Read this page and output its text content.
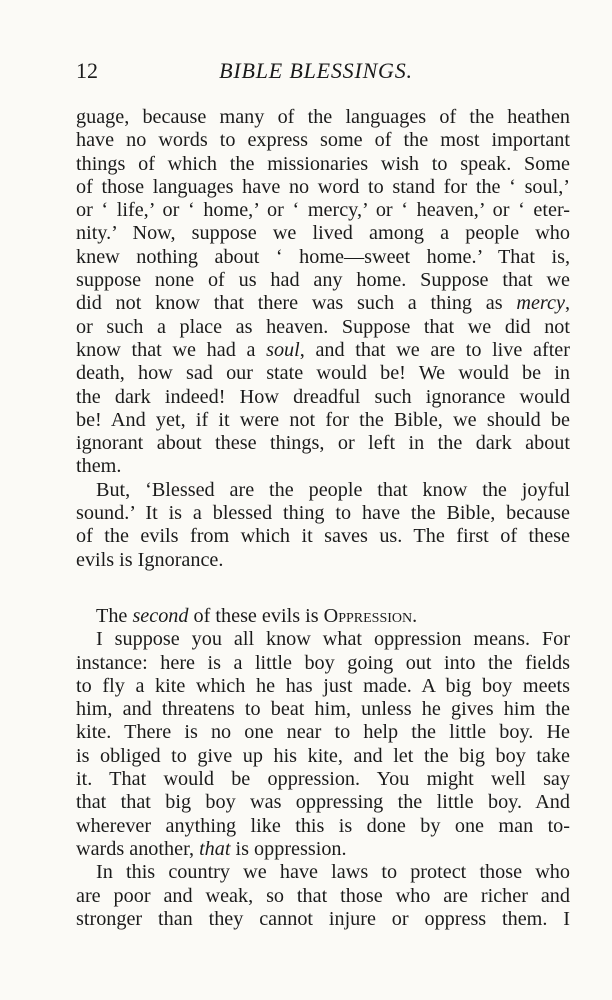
12	BIBLE BLESSINGS.
guage, because many of the languages of the heathen
have no words to express some of the most important
things of which the missionaries wish to speak. Some
of those languages have no word to stand for the ‘ soul,’
or ‘ life,’ or ‘ home,’ or ‘ mercy,’ or ‘ heaven,’ or ‘ eter-
nity.’ Now, suppose we lived among a people who
knew nothing about ‘ home—sweet home.’ That is,
suppose none of us had any home. Suppose that we
did not know that there was such a thing as mercy,
or such a place as heaven. Suppose that we did not
know that we had a soul, and that we are to live after
death, how sad our state would be! We would be in
the dark indeed! How dreadful such ignorance would
be! And yet, if it were not for the Bible, we should be
ignorant about these things, or left in the dark about
them.
But, ‘Blessed are the people that know the joyful
sound.’ It is a blessed thing to have the Bible, because
of the evils from which it saves us. The first of these
evils is Ignorance.
The second of these evils is Oppression.
I suppose you all know what oppression means. For
instance: here is a little boy going out into the fields
to fly a kite which he has just made. A big boy meets
him, and threatens to beat him, unless he gives him the
kite. There is no one near to help the little boy. He
is obliged to give up his kite, and let the big boy take
it. That would be oppression. You might well say
that that big boy was oppressing the little boy. And
wherever anything like this is done by one man to-
wards another, that is oppression.
In this country we have laws to protect those who
are poor and weak, so that those who are richer and
stronger than they cannot injure or oppress them. I
